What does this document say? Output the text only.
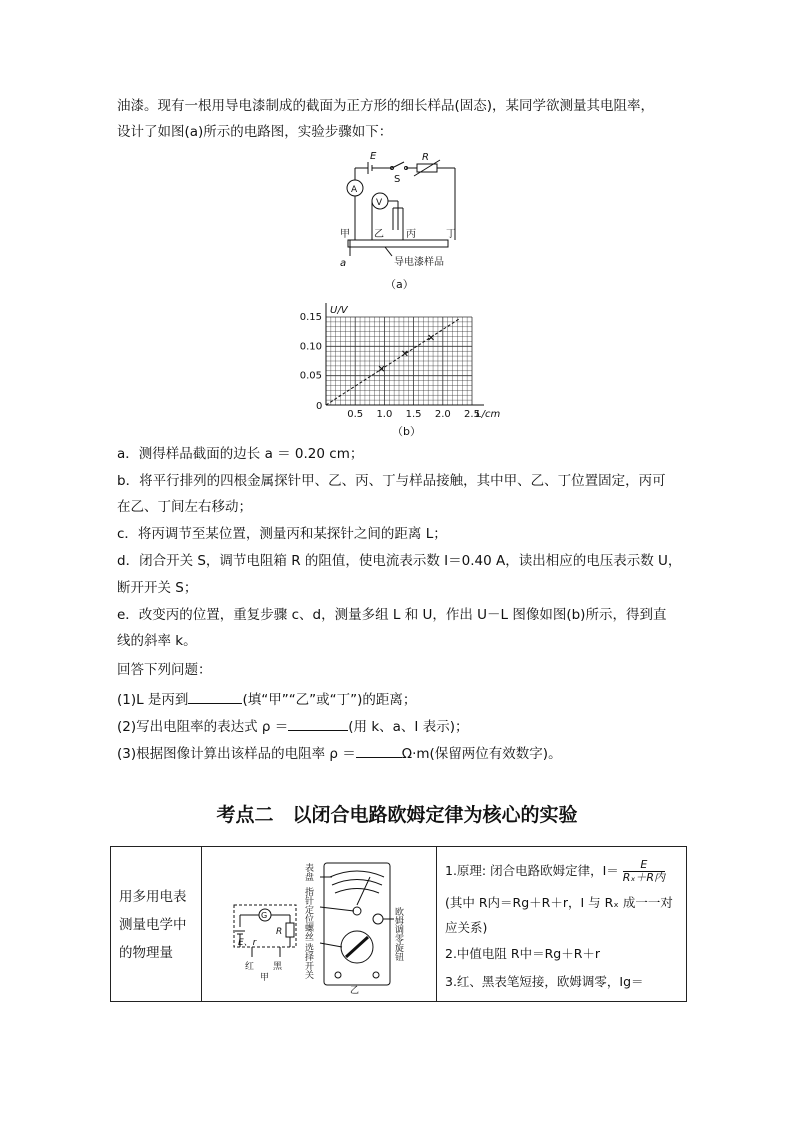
油漆。现有一根用导电漆制成的截面为正方形的细长样品(固态)，某同学欲测量其电阻率，
设计了如图(a)所示的电路图，实验步骤如下：
E
S
R
A
V
甲 乙 丙	丁
a	导电漆样品
（a）
0.5 1.0 1.5 2.0 2.5
0.05
0.10
0.15
0
L/cm
U/V
（b）
a．测得样品截面的边长 a ＝ 0.20 cm；
b．将平行排列的四根金属探针甲、乙、丙、丁与样品接触，其中甲、乙、丁位置固定，丙可
在乙、丁间左右移动；
c．将丙调节至某位置，测量丙和某探针之间的距离 L；
d．闭合开关 S，调节电阻箱 R 的阻值，使电流表示数 I＝0.40 A，读出相应的电压表示数 U，
断开开关 S；
e．改变丙的位置，重复步骤 c、d，测量多组 L 和 U，作出 U－L 图像如图(b)所示，得到直
线的斜率 k。
回答下列问题：
(1)L 是丙到	(填“甲”“乙”或“丁”)的距离；
(2)写出电阻率的表达式 ρ ＝	(用 k、a、I 表示)；
(3)根据图像计算出该样品的电阻率 ρ ＝	Ω·m(保留两位有效数字)。
考点二　以闭合电路欧姆定律为核心的实验
用多用电表
测量电学中
的物理量
G
E、r
R
红 黑
甲
乙
表盘
指针定位螺丝
选择开关	欧姆调零旋钮
1.原理: 闭合电路欧姆定律，I＝	E
Rₓ＋R内
(其中 R内＝Rg＋R＋r，I 与 Rₓ 成一一对
应关系)
2.中值电阻 R中＝Rg＋R＋r
3.红、黑表笔短接，欧姆调零，Ig＝
